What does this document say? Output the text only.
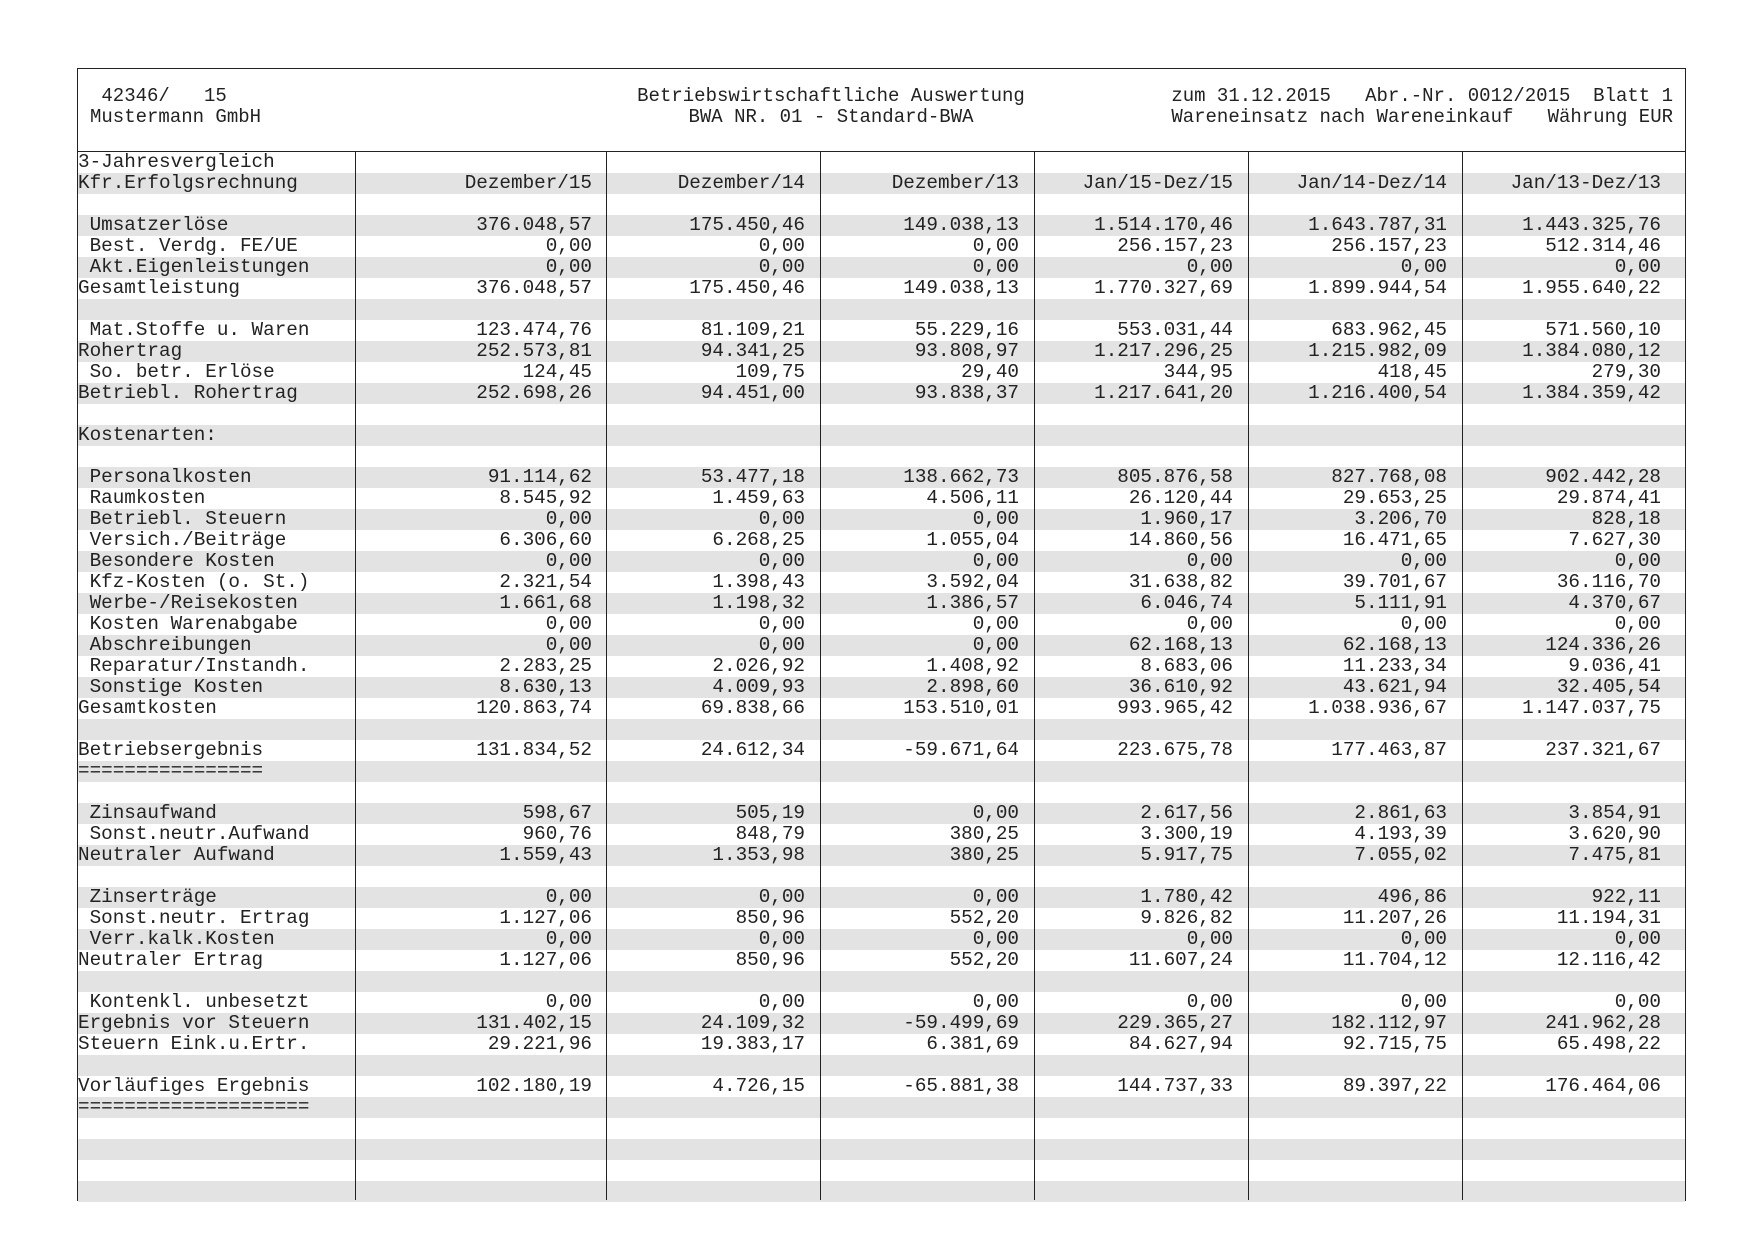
42346/   15
Mustermann GmbH
Betriebswirtschaftliche Auswertung
BWA NR. 01 - Standard-BWA
zum 31.12.2015   Abr.-Nr. 0012/2015  Blatt 1
Wareneinsatz nach Wareneinkauf   Währung EUR
3-Jahresvergleich
Kfr.Erfolgsrechnung	Dezember/15	Dezember/14	Dezember/13	Jan/15-Dez/15	Jan/14-Dez/14	Jan/13-Dez/13
Umsatzerlöse	376.048,57	175.450,46	149.038,13	1.514.170,46	1.643.787,31	1.443.325,76
Best. Verdg. FE/UE	0,00	0,00	0,00	256.157,23	256.157,23	512.314,46
Akt.Eigenleistungen	0,00	0,00	0,00	0,00	0,00	0,00
Gesamtleistung	376.048,57	175.450,46	149.038,13	1.770.327,69	1.899.944,54	1.955.640,22
Mat.Stoffe u. Waren	123.474,76	81.109,21	55.229,16	553.031,44	683.962,45	571.560,10
Rohertrag	252.573,81	94.341,25	93.808,97	1.217.296,25	1.215.982,09	1.384.080,12
So. betr. Erlöse	124,45	109,75	29,40	344,95	418,45	279,30
Betriebl. Rohertrag	252.698,26	94.451,00	93.838,37	1.217.641,20	1.216.400,54	1.384.359,42
Kostenarten:
Personalkosten	91.114,62	53.477,18	138.662,73	805.876,58	827.768,08	902.442,28
Raumkosten	8.545,92	1.459,63	4.506,11	26.120,44	29.653,25	29.874,41
Betriebl. Steuern	0,00	0,00	0,00	1.960,17	3.206,70	828,18
Versich./Beiträge	6.306,60	6.268,25	1.055,04	14.860,56	16.471,65	7.627,30
Besondere Kosten	0,00	0,00	0,00	0,00	0,00	0,00
Kfz-Kosten (o. St.)	2.321,54	1.398,43	3.592,04	31.638,82	39.701,67	36.116,70
Werbe-/Reisekosten	1.661,68	1.198,32	1.386,57	6.046,74	5.111,91	4.370,67
Kosten Warenabgabe	0,00	0,00	0,00	0,00	0,00	0,00
Abschreibungen	0,00	0,00	0,00	62.168,13	62.168,13	124.336,26
Reparatur/Instandh.	2.283,25	2.026,92	1.408,92	8.683,06	11.233,34	9.036,41
Sonstige Kosten	8.630,13	4.009,93	2.898,60	36.610,92	43.621,94	32.405,54
Gesamtkosten	120.863,74	69.838,66	153.510,01	993.965,42	1.038.936,67	1.147.037,75
Betriebsergebnis	131.834,52	24.612,34	-59.671,64	223.675,78	177.463,87	237.321,67
================
Zinsaufwand	598,67	505,19	0,00	2.617,56	2.861,63	3.854,91
Sonst.neutr.Aufwand	960,76	848,79	380,25	3.300,19	4.193,39	3.620,90
Neutraler Aufwand	1.559,43	1.353,98	380,25	5.917,75	7.055,02	7.475,81
Zinserträge	0,00	0,00	0,00	1.780,42	496,86	922,11
Sonst.neutr. Ertrag	1.127,06	850,96	552,20	9.826,82	11.207,26	11.194,31
Verr.kalk.Kosten	0,00	0,00	0,00	0,00	0,00	0,00
Neutraler Ertrag	1.127,06	850,96	552,20	11.607,24	11.704,12	12.116,42
Kontenkl. unbesetzt	0,00	0,00	0,00	0,00	0,00	0,00
Ergebnis vor Steuern	131.402,15	24.109,32	-59.499,69	229.365,27	182.112,97	241.962,28
Steuern Eink.u.Ertr.	29.221,96	19.383,17	6.381,69	84.627,94	92.715,75	65.498,22
Vorläufiges Ergebnis	102.180,19	4.726,15	-65.881,38	144.737,33	89.397,22	176.464,06
====================
